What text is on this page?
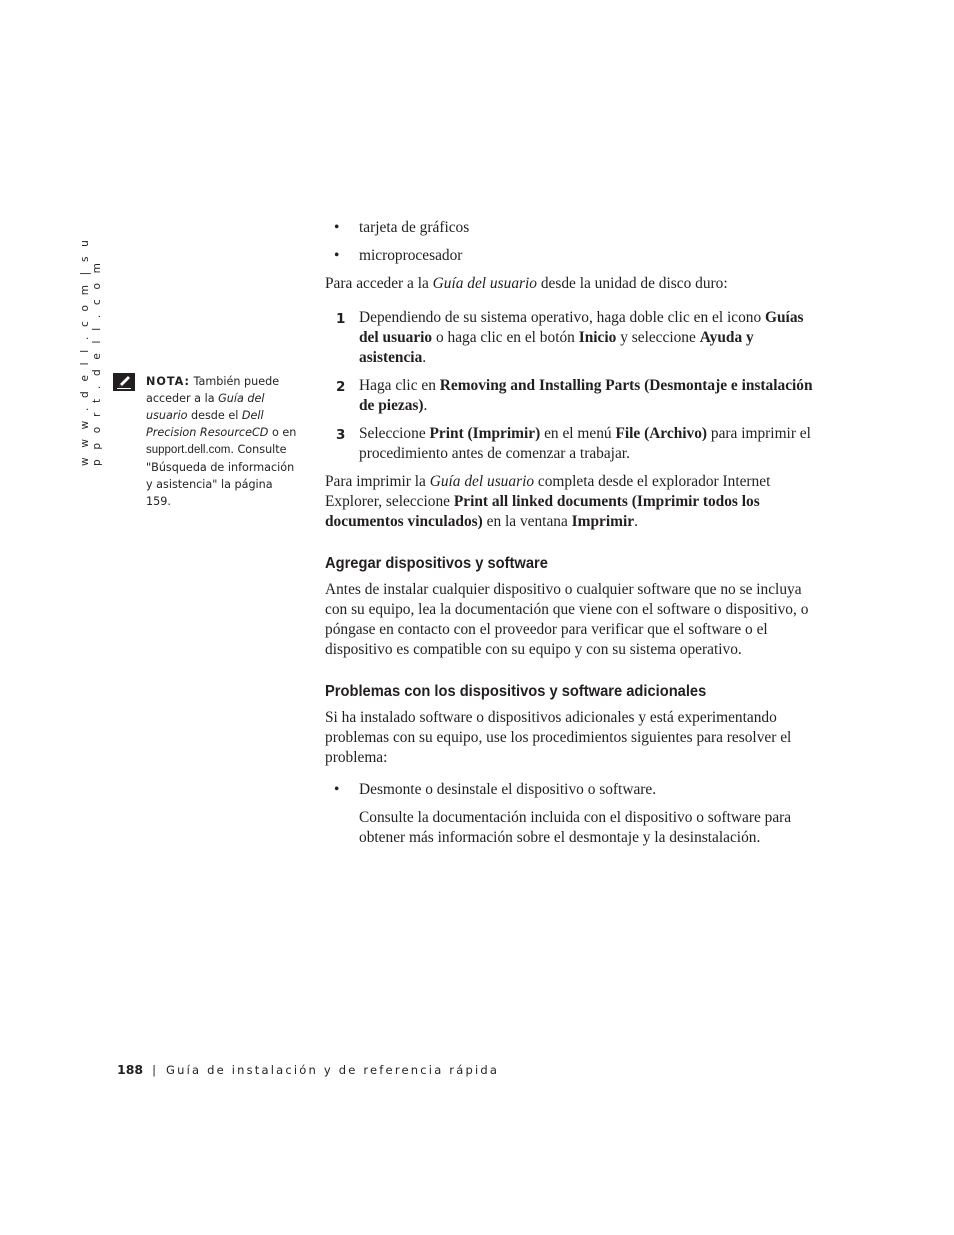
w w w . d e l l . c o m | s u p p o r t . d e l l . c o m	NOTA: También puede acceder a la Guía del usuario desde el Dell Precision ResourceCD o en support.dell.com. Consulte "Búsqueda de información y asistencia" la página 159.
• tarjeta de gráficos
• microprocesador

Para acceder a la Guía del usuario desde la unidad de disco duro:

1 Dependiendo de su sistema operativo, haga doble clic en el icono Guías del usuario o haga clic en el botón Inicio y seleccione Ayuda y asistencia.
2 Haga clic en Removing and Installing Parts (Desmontaje e instalación de piezas).
3 Seleccione Print (Imprimir) en el menú File (Archivo) para imprimir el procedimiento antes de comenzar a trabajar.

Para imprimir la Guía del usuario completa desde el explorador Internet Explorer, seleccione Print all linked documents (Imprimir todos los documentos vinculados) en la ventana Imprimir.

Agregar dispositivos y software

Antes de instalar cualquier dispositivo o cualquier software que no se incluya con su equipo, lea la documentación que viene con el software o dispositivo, o póngase en contacto con el proveedor para verificar que el software o el dispositivo es compatible con su equipo y con su sistema operativo.

Problemas con los dispositivos y software adicionales

Si ha instalado software o dispositivos adicionales y está experimentando problemas con su equipo, use los procedimientos siguientes para resolver el problema:

• Desmonte o desinstale el dispositivo o software.

Consulte la documentación incluida con el dispositivo o software para obtener más información sobre el desmontaje y la desinstalación.

188 | Guía de instalación y de referencia rápida
